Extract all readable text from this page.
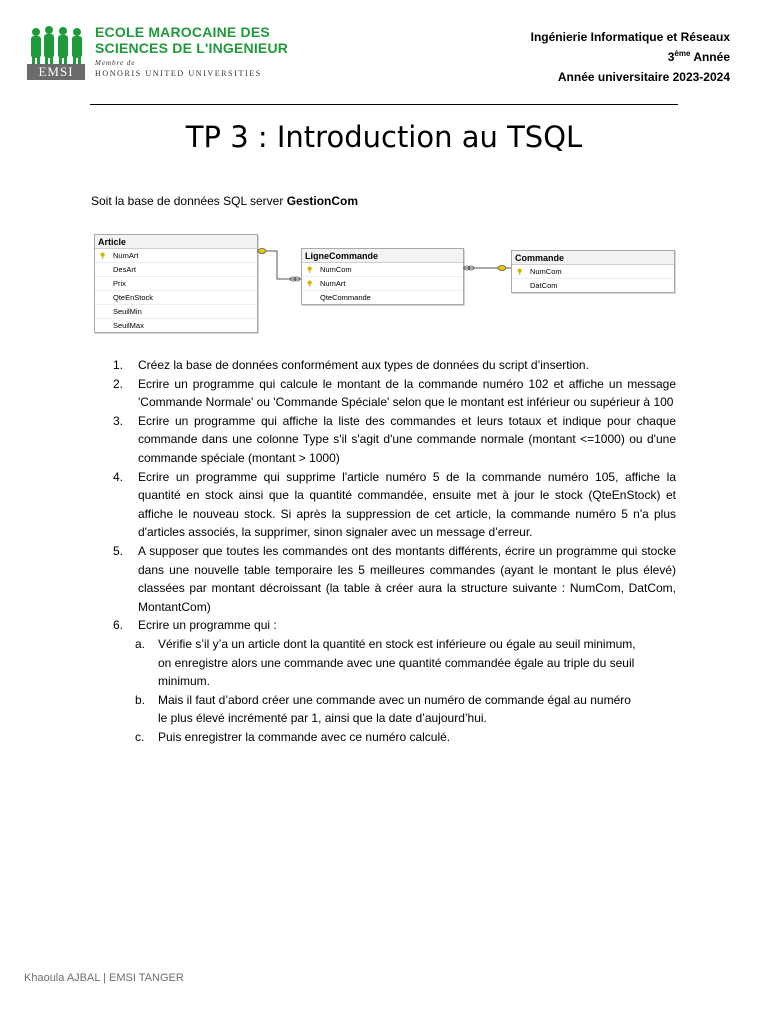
EMSI
ECOLE MAROCAINE DES
SCIENCES DE L'INGENIEUR
Membre de
HONORIS UNITED UNIVERSITIES
Ingénierie Informatique et Réseaux
3ème Année
Année universitaire 2023-2024
TP 3 : Introduction au TSQL
Soit la base de données SQL server GestionCom
Article
NumArt
DesArt
Prix
QteEnStock
SeuilMin
SeuilMax
LigneCommande
NumCom
NumArt
QteCommande
Commande
NumCom
DatCom
1. Créez la base de données conformément aux types de données du script d’insertion.
2. Ecrire un programme qui calcule le montant de la commande numéro 102 et affiche un message 'Commande Normale' ou 'Commande Spéciale' selon que le montant est inférieur ou supérieur à 100
3. Ecrire un programme qui affiche la liste des commandes et leurs totaux et indique pour chaque commande dans une colonne Type s'il s'agit d'une commande normale (montant <=1000) ou d'une commande spéciale (montant > 1000)
4. Ecrire un programme qui supprime l'article numéro 5 de la commande numéro 105, affiche la quantité en stock ainsi que la quantité commandée, ensuite met à jour le stock (QteEnStock) et affiche le nouveau stock. Si après la suppression de cet article, la commande numéro 5 n'a plus d'articles associés, la supprimer, sinon signaler avec un message d’erreur.
5. A supposer que toutes les commandes ont des montants différents, écrire un programme qui stocke dans une nouvelle table temporaire les 5 meilleures commandes (ayant le montant le plus élevé) classées par montant décroissant (la table à créer aura la structure suivante : NumCom, DatCom, MontantCom)
6. Ecrire un programme qui :
a. Vérifie s’il y’a un article dont la quantité en stock est inférieure ou égale au seuil minimum, on enregistre alors une commande avec une quantité commandée égale au triple du seuil minimum.
b. Mais il faut d’abord créer une commande avec un numéro de commande égal au numéro le plus élevé incrémenté par 1, ainsi que la date d’aujourd’hui.
c. Puis enregistrer la commande avec ce numéro calculé.
Khaoula AJBAL | EMSI TANGER
